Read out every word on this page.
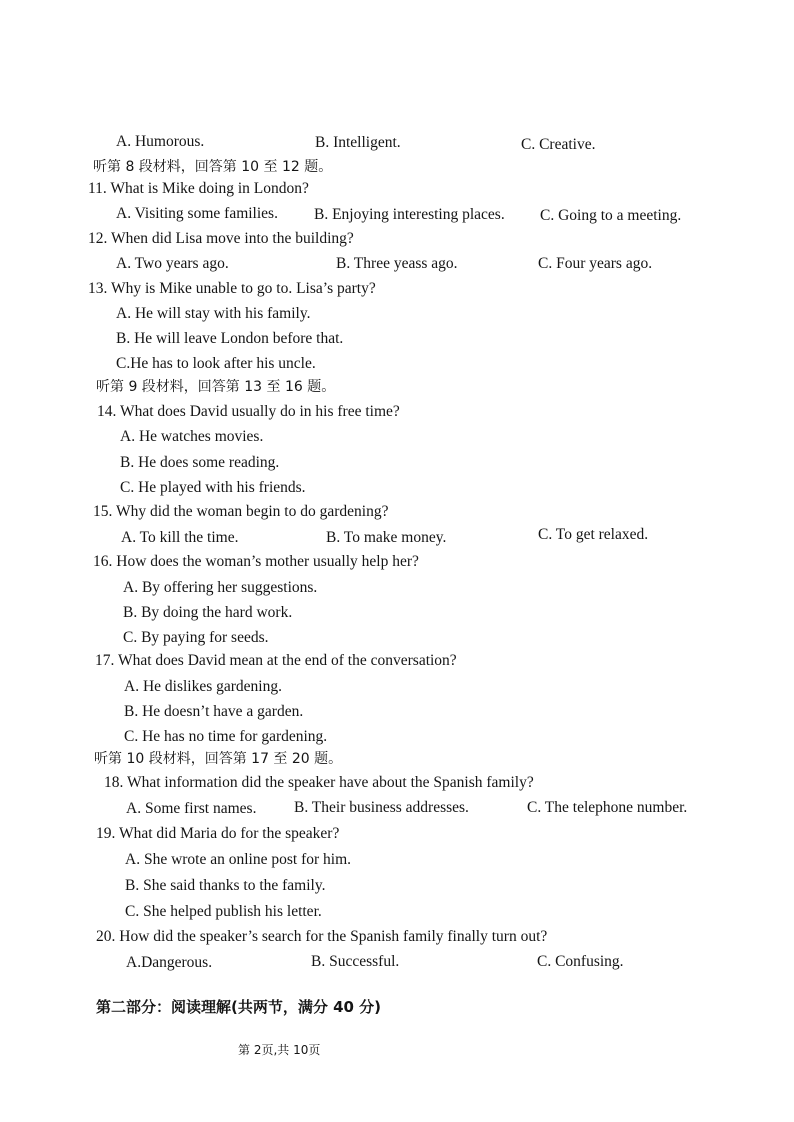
A. Humorous.	B. Intelligent.	C. Creative.
听第 8 段材料，回答第 10 至 12 题。
11. What is Mike doing in London?
A. Visiting some families. B. Enjoying interesting places. C. Going to a meeting.
12. When did Lisa move into the building?
A. Two years ago.	B. Three yeass ago.	C. Four years ago.
13. Why is Mike unable to go to. Lisa’s party?
A. He will stay with his family.
B. He will leave London before that.
C.He has to look after his uncle.
听第 9 段材料，回答第 13 至 16 题。
14. What does David usually do in his free time?
A. He watches movies.
B. He does some reading.
C. He played with his friends.
15. Why did the woman begin to do gardening?
A. To kill the time.	B. To make money.	C. To get relaxed.
16. How does the woman’s mother usually help her?
A. By offering her suggestions.
B. By doing the hard work.
C. By paying for seeds.
17. What does David mean at the end of the conversation?
A. He dislikes gardening.
B. He doesn’t have a garden.
C. He has no time for gardening.
听第 10 段材料，回答第 17 至 20 题。
18. What information did the speaker have about the Spanish family?
A. Some first names. B. Their business addresses.	C. The telephone number.
19. What did Maria do for the speaker?
A. She wrote an online post for him.
B. She said thanks to the family.
C. She helped publish his letter.
20. How did the speaker’s search for the Spanish family finally turn out?
A.Dangerous.	B. Successful.	C. Confusing.
第二部分：阅读理解(共两节，满分 40 分)
第 2页,共 10页
